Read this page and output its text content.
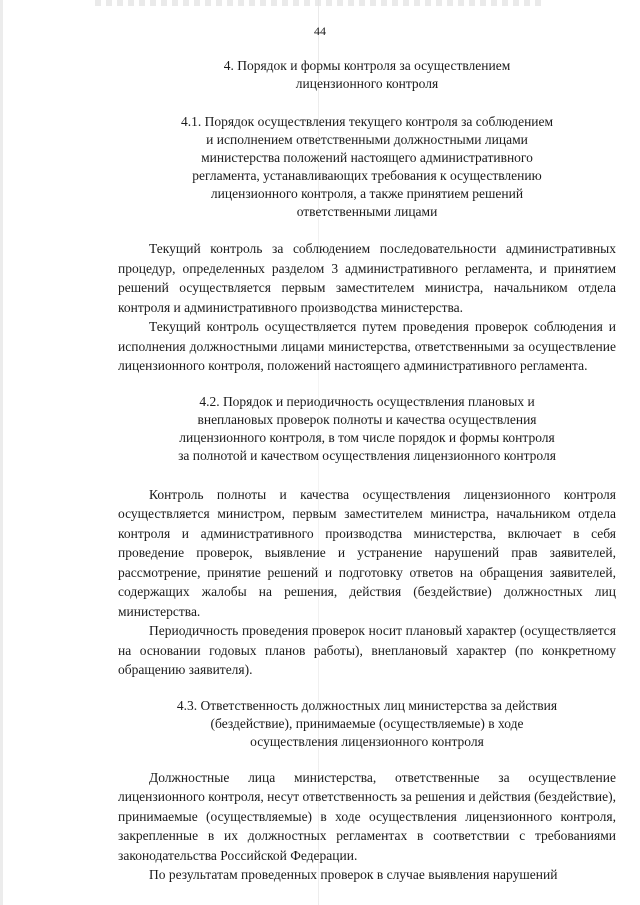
44

4. Порядок и формы контроля за осуществлением
лицензионного контроля

4.1. Порядок осуществления текущего контроля за соблюдением
и исполнением ответственными должностными лицами
министерства положений настоящего административного
регламента, устанавливающих требования к осуществлению
лицензионного контроля, а также принятием решений
ответственными лицами

Текущий контроль за соблюдением последовательности административных процедур, определенных разделом 3 административного регламента, и принятием решений осуществляется первым заместителем министра, начальником отдела контроля и административного производства министерства.

Текущий контроль осуществляется путем проведения проверок соблюдения и исполнения должностными лицами министерства, ответственными за осуществление лицензионного контроля, положений настоящего административного регламента.

4.2. Порядок и периодичность осуществления плановых и
внеплановых проверок полноты и качества осуществления
лицензионного контроля, в том числе порядок и формы контроля
за полнотой и качеством осуществления лицензионного контроля

Контроль полноты и качества осуществления лицензионного контроля осуществляется министром, первым заместителем министра, начальником отдела контроля и административного производства министерства, включает в себя проведение проверок, выявление и устранение нарушений прав заявителей, рассмотрение, принятие решений и подготовку ответов на обращения заявителей, содержащих жалобы на решения, действия (бездействие) должностных лиц министерства.

Периодичность проведения проверок носит плановый характер (осуществляется на основании годовых планов работы), внеплановый характер (по конкретному обращению заявителя).

4.3. Ответственность должностных лиц министерства за действия
(бездействие), принимаемые (осуществляемые) в ходе
осуществления лицензионного контроля

Должностные лица министерства, ответственные за осуществление лицензионного контроля, несут ответственность за решения и действия (бездействие), принимаемые (осуществляемые) в ходе осуществления лицензионного контроля, закрепленные в их должностных регламентах в соответствии с требованиями законодательства Российской Федерации.

По результатам проведенных проверок в случае выявления нарушений
